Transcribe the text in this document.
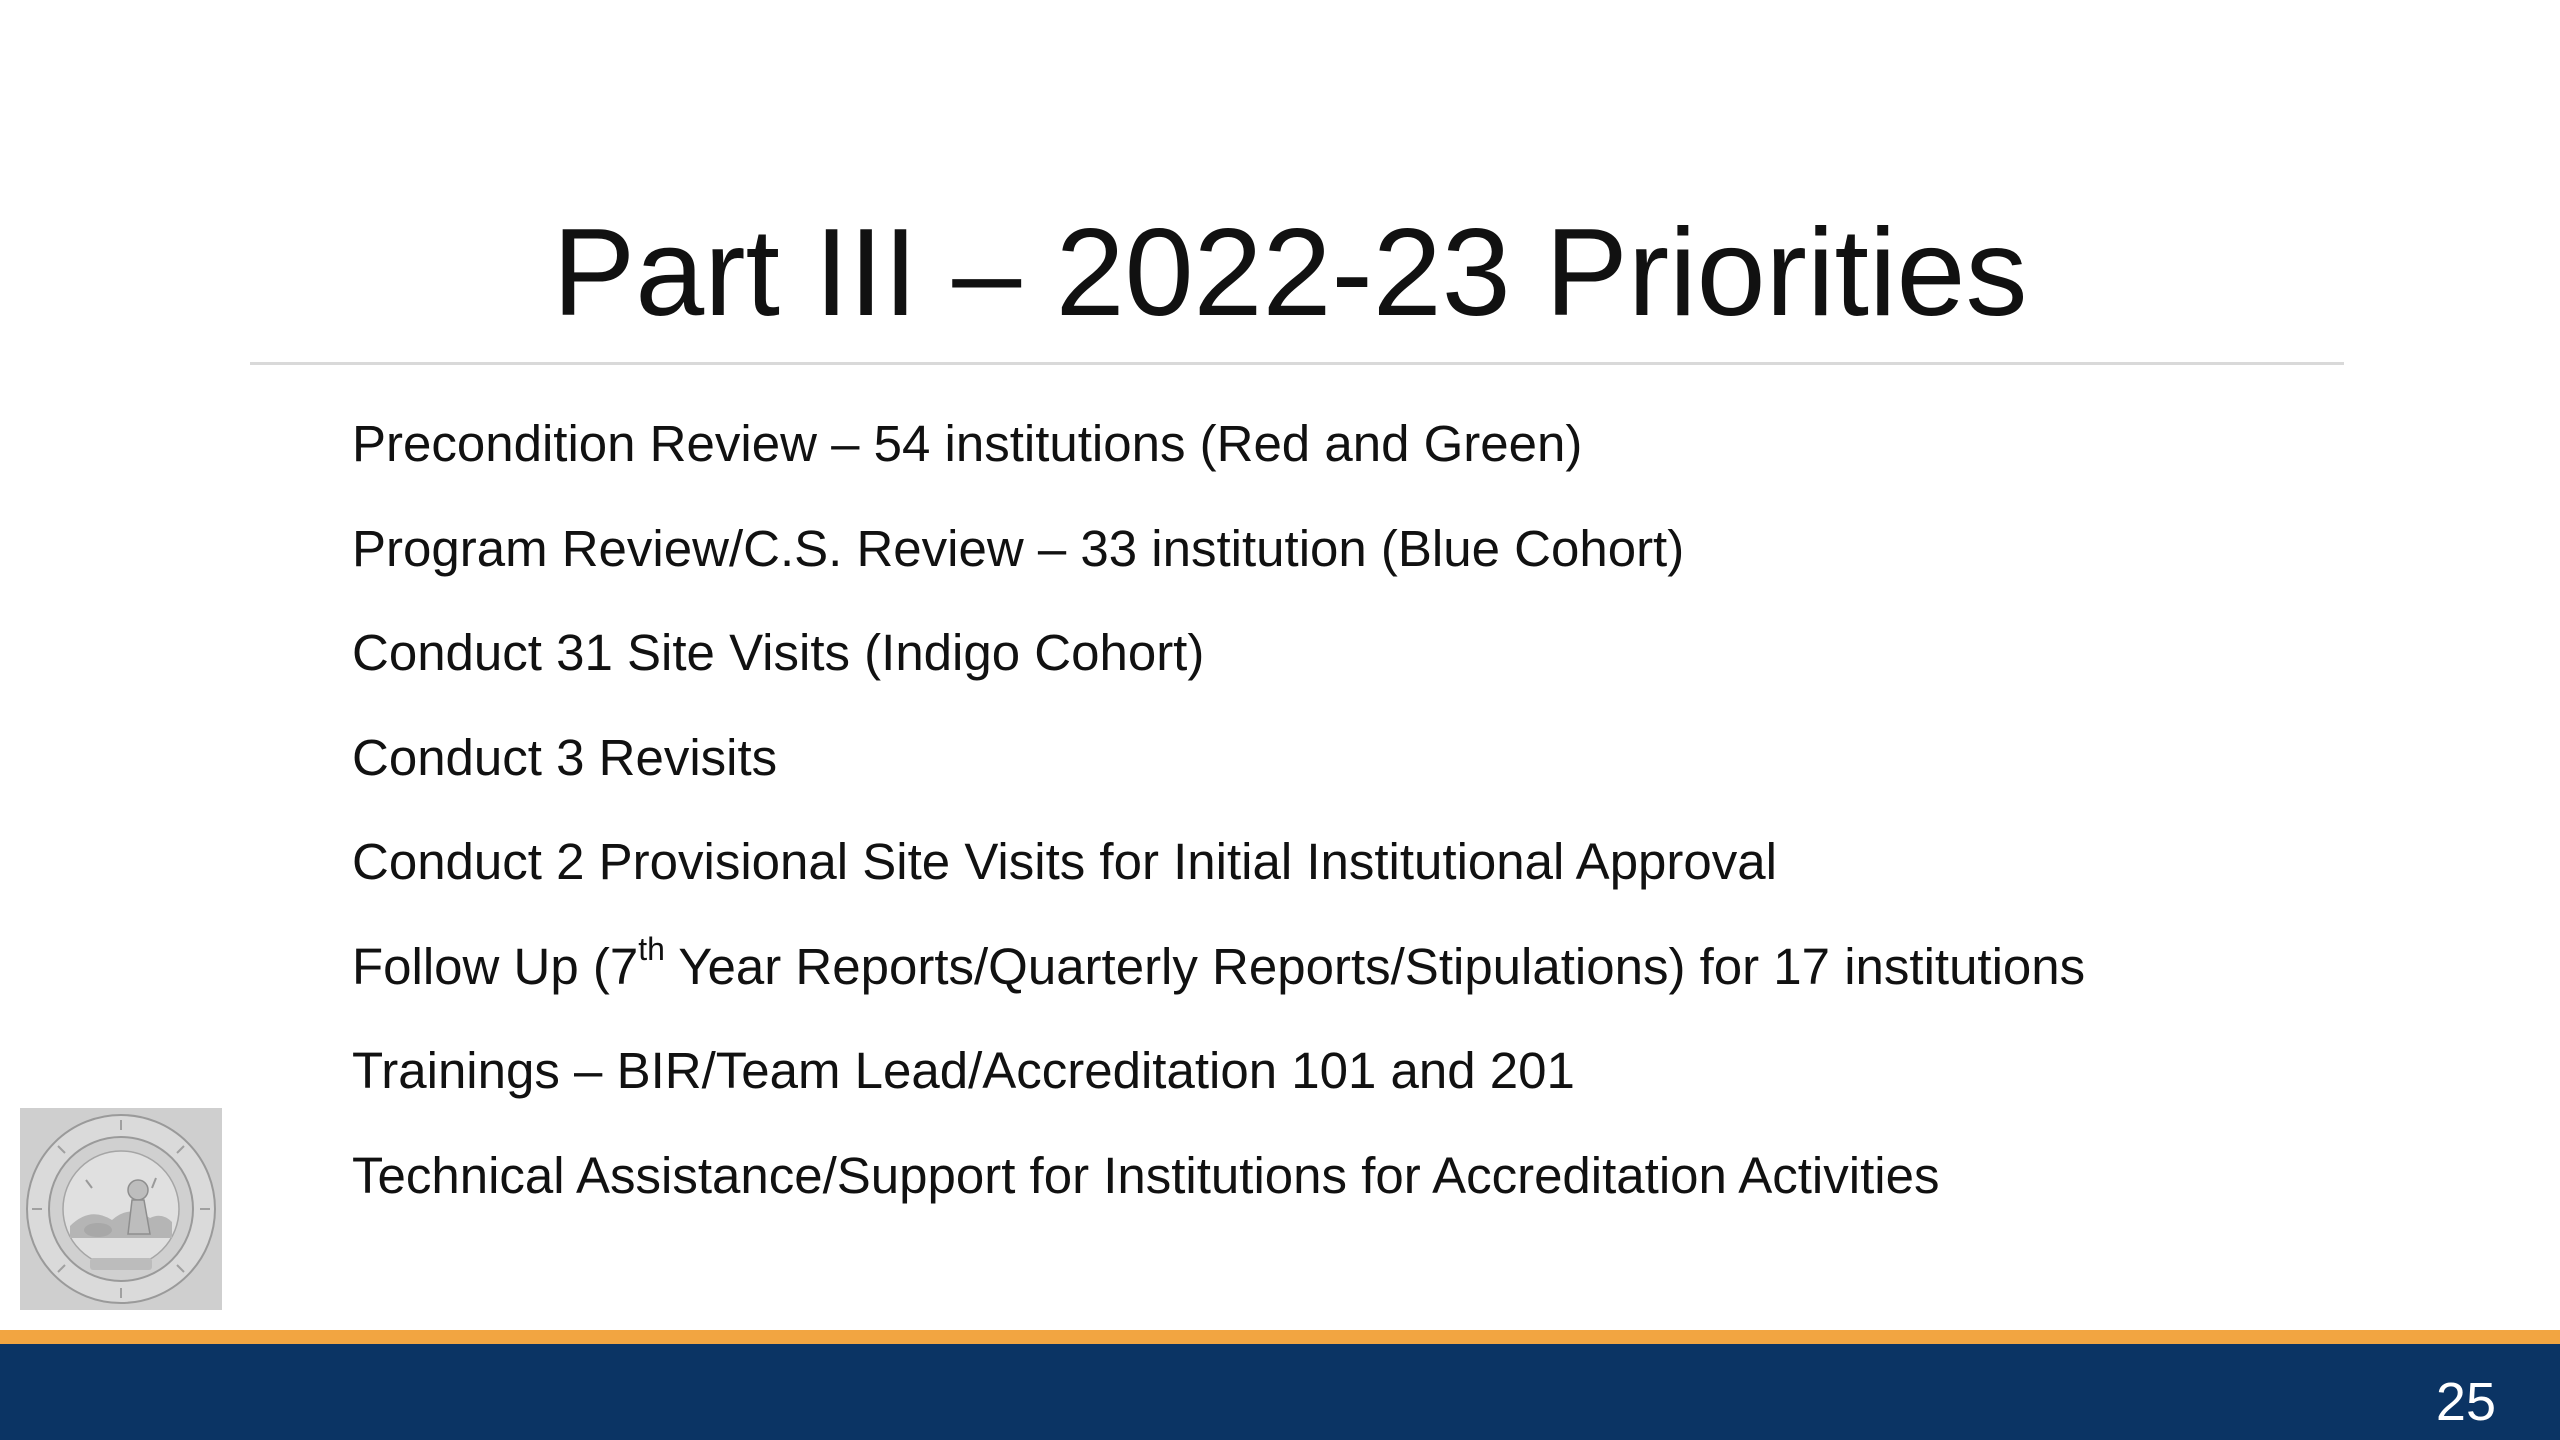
Part III – 2022-23 Priorities
Precondition Review – 54 institutions (Red and Green)
Program Review/C.S. Review – 33 institution (Blue Cohort)
Conduct 31 Site Visits (Indigo Cohort)
Conduct 3 Revisits
Conduct 2 Provisional Site Visits for Initial Institutional Approval
Follow Up (7th Year Reports/Quarterly Reports/Stipulations) for 17 institutions
Trainings – BIR/Team Lead/Accreditation 101 and 201
Technical Assistance/Support for Institutions for Accreditation Activities
25
